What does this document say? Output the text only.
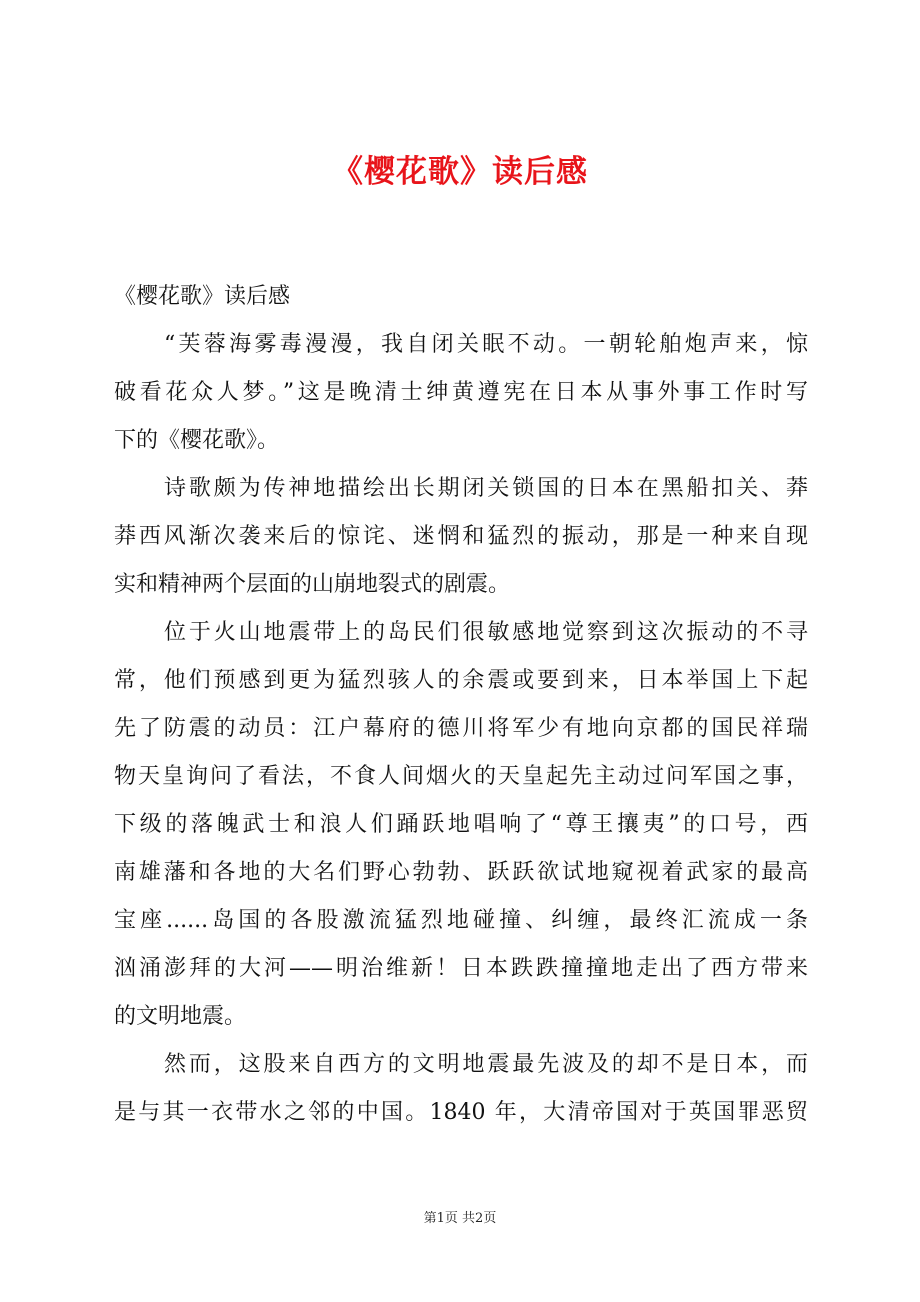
《樱花歌》读后感
《樱花歌》读后感
“芙蓉海雾毒漫漫，我自闭关眠不动。一朝轮舶炮声来，惊
破看花众人梦。”这是晚清士绅黄遵宪在日本从事外事工作时写
下的《樱花歌》。
诗歌颇为传神地描绘出长期闭关锁国的日本在黑船扣关、莽
莽西风渐次袭来后的惊诧、迷惘和猛烈的振动，那是一种来自现
实和精神两个层面的山崩地裂式的剧震。
位于火山地震带上的岛民们很敏感地觉察到这次振动的不寻
常，他们预感到更为猛烈骇人的余震或要到来，日本举国上下起
先了防震的动员：江户幕府的德川将军少有地向京都的国民祥瑞
物天皇询问了看法，不食人间烟火的天皇起先主动过问军国之事，
下级的落魄武士和浪人们踊跃地唱响了“尊王攘夷”的口号，西
南雄藩和各地的大名们野心勃勃、跃跃欲试地窥视着武家的最高
宝座......岛国的各股激流猛烈地碰撞、纠缠，最终汇流成一条
汹涌澎拜的大河——明治维新！日本跌跌撞撞地走出了西方带来
的文明地震。
然而，这股来自西方的文明地震最先波及的却不是日本，而
是与其一衣带水之邻的中国。1840 年，大清帝国对于英国罪恶贸
第1页 共2页
